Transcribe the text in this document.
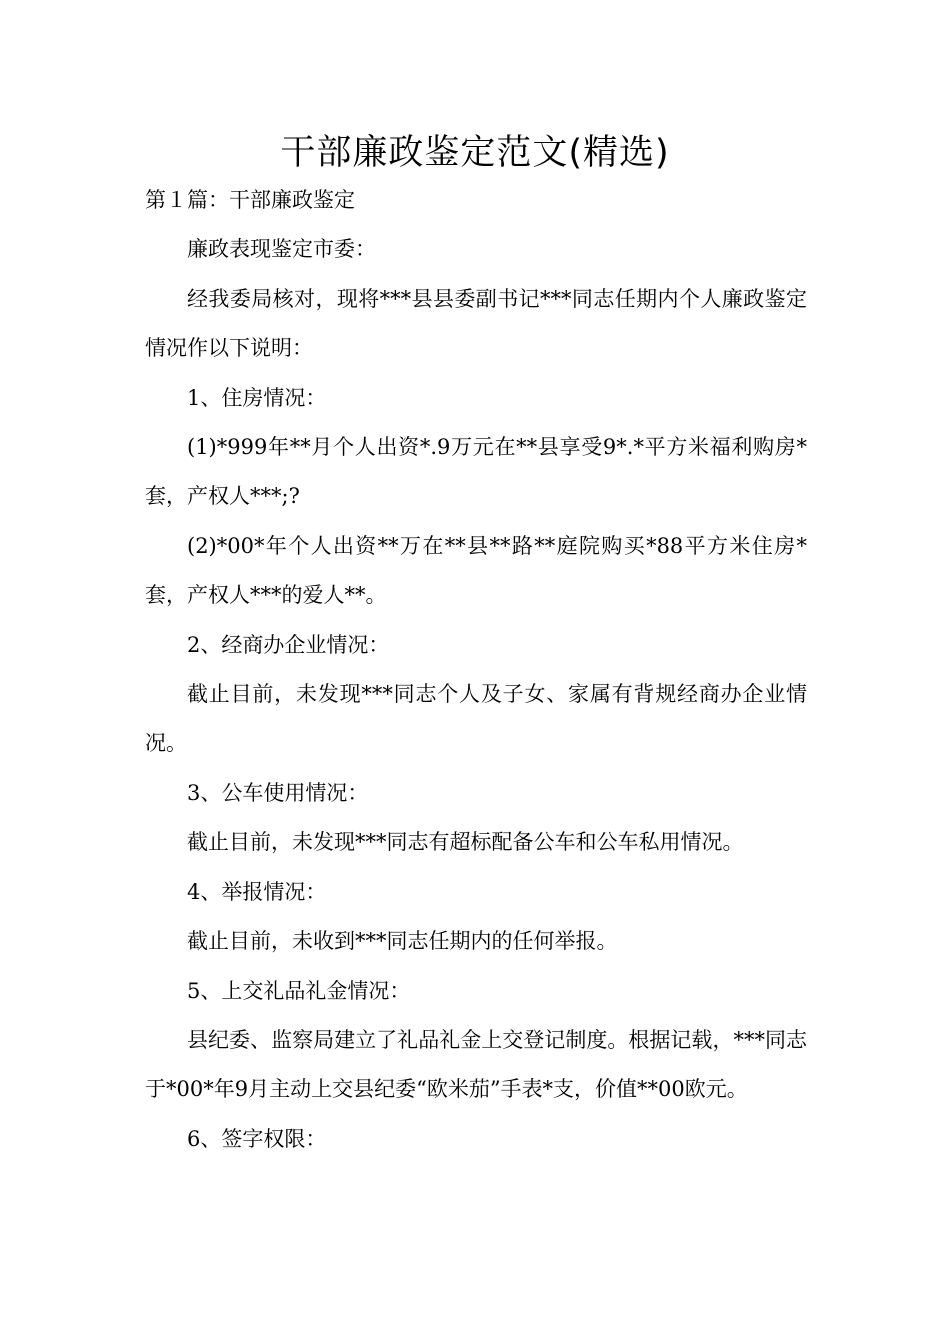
干部廉政鉴定范文(精选)

第１篇：干部廉政鉴定

廉政表现鉴定市委：

经我委局核对，现将***县县委副书记***同志任期内个人廉政鉴定情况作以下说明：

1、住房情况：

(1)*999年**月个人出资*.9万元在**县享受9*.*平方米福利购房*套，产权人***;?

(2)*00*年个人出资**万在**县**路**庭院购买*88平方米住房*套，产权人***的爱人**。

2、经商办企业情况：

截止目前，未发现***同志个人及子女、家属有背规经商办企业情况。

3、公车使用情况：

截止目前，未发现***同志有超标配备公车和公车私用情况。

4、举报情况：

截止目前，未收到***同志任期内的任何举报。

5、上交礼品礼金情况：

县纪委、监察局建立了礼品礼金上交登记制度。根据记载，***同志于*00*年9月主动上交县纪委“欧米茄”手表*支，价值**00欧元。

6、签字权限：
